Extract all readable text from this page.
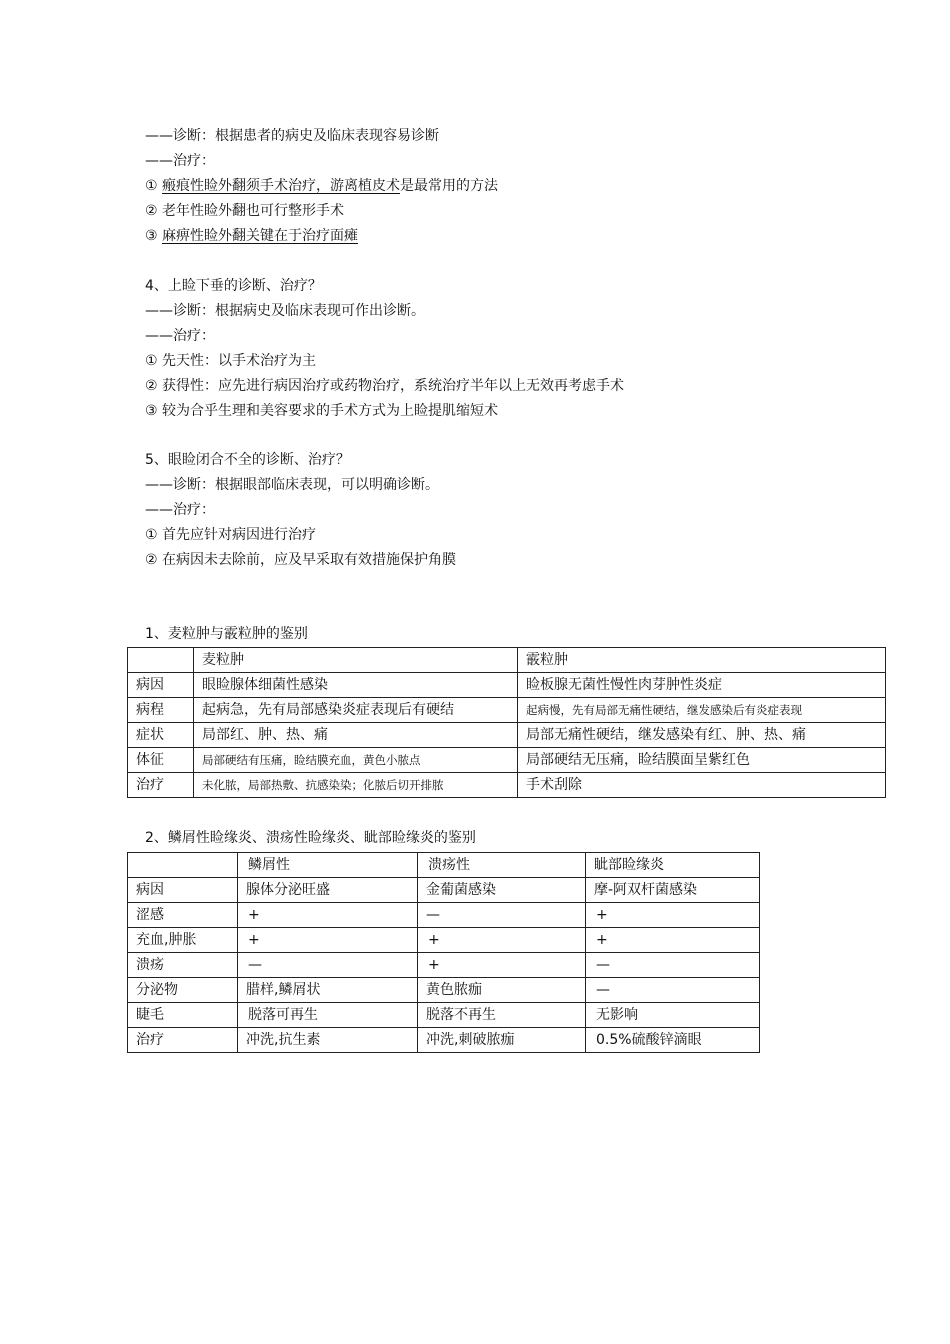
——诊断：根据患者的病史及临床表现容易诊断
——治疗：
① 瘢痕性睑外翻须手术治疗，游离植皮术是最常用的方法
② 老年性睑外翻也可行整形手术
③ 麻痹性睑外翻关键在于治疗面瘫
4、上睑下垂的诊断、治疗？
——诊断：根据病史及临床表现可作出诊断。
——治疗：
① 先天性：以手术治疗为主
② 获得性：应先进行病因治疗或药物治疗，系统治疗半年以上无效再考虑手术
③ 较为合乎生理和美容要求的手术方式为上睑提肌缩短术
5、眼睑闭合不全的诊断、治疗？
——诊断：根据眼部临床表现，可以明确诊断。
——治疗：
① 首先应针对病因进行治疗
② 在病因未去除前，应及早采取有效措施保护角膜
1、麦粒肿与霰粒肿的鉴别
	麦粒肿	霰粒肿
病因	眼睑腺体细菌性感染	睑板腺无菌性慢性肉芽肿性炎症
病程	起病急，先有局部感染炎症表现后有硬结	起病慢，先有局部无痛性硬结，继发感染后有炎症表现
症状	局部红、肿、热、痛	局部无痛性硬结，继发感染有红、肿、热、痛
体征	局部硬结有压痛，睑结膜充血，黄色小脓点	局部硬结无压痛，睑结膜面呈紫红色
治疗	未化脓，局部热敷、抗感染染；化脓后切开排脓	手术刮除
2、鳞屑性睑缘炎、溃疡性睑缘炎、眦部睑缘炎的鉴别
	鳞屑性	溃疡性	眦部睑缘炎
病因	腺体分泌旺盛	金葡菌感染	摩-阿双杆菌感染
涩感	+	—	+
充血,肿胀	+	+	+
溃疡	—	+	—
分泌物	腊样,鳞屑状	黄色脓痂	—
睫毛	脱落可再生	脱落不再生	无影响
治疗	冲洗,抗生素	冲洗,刺破脓痂	0.5%硫酸锌滴眼
